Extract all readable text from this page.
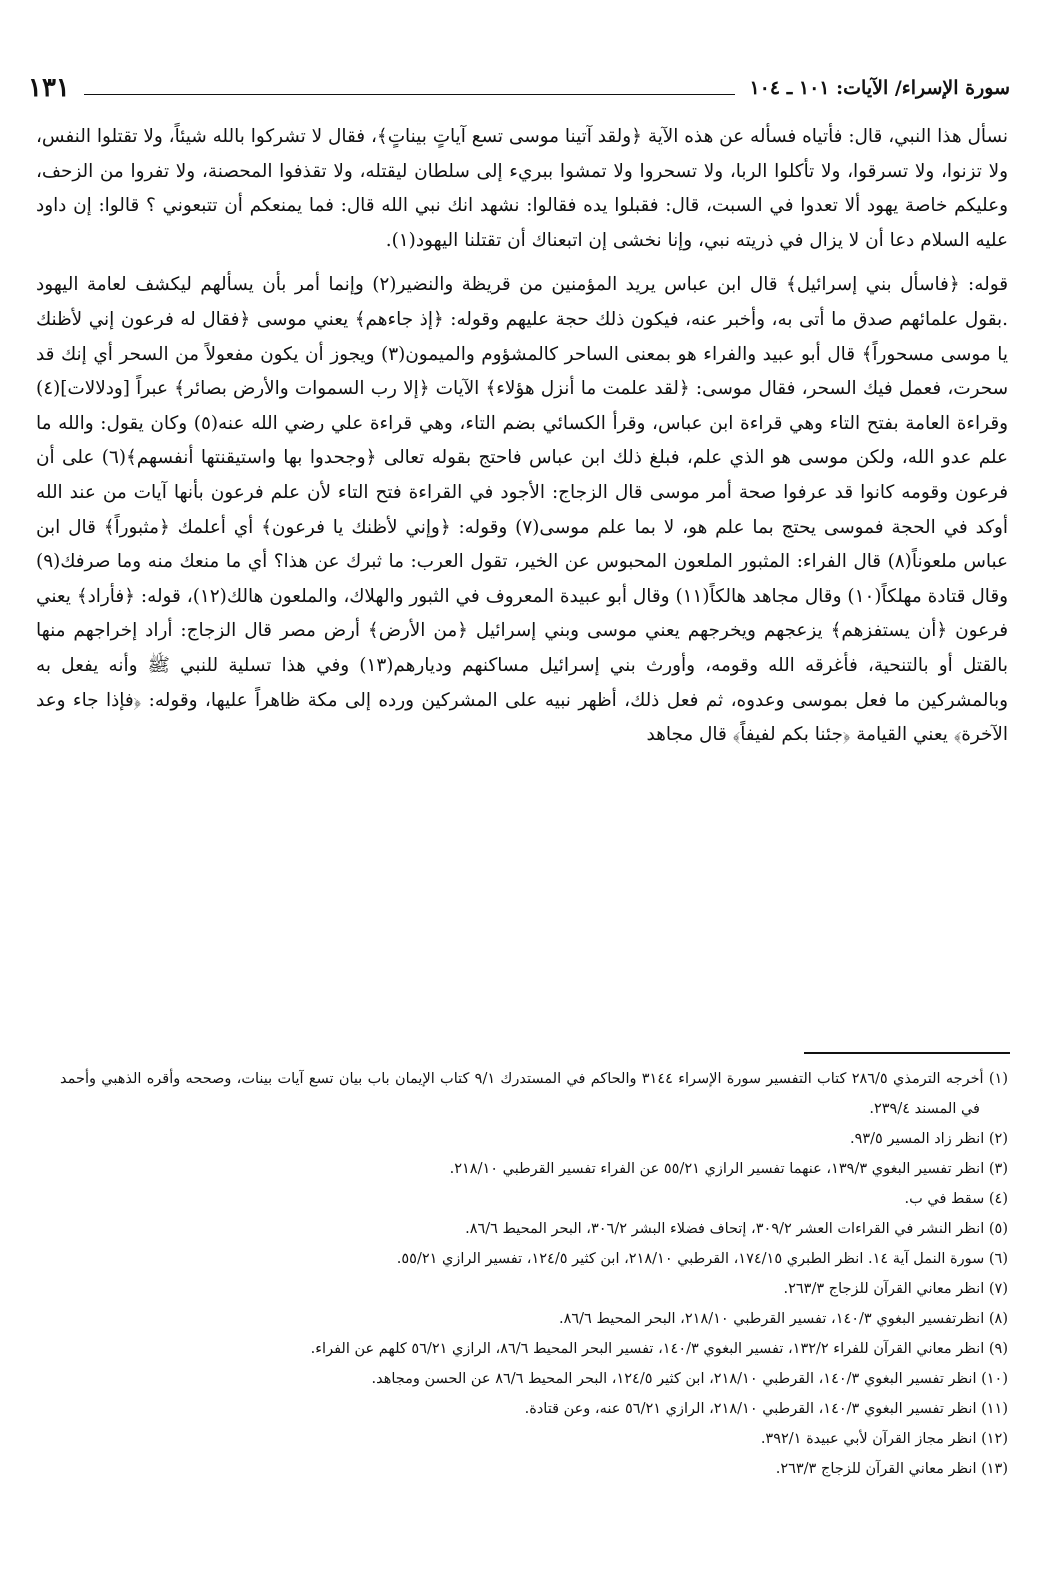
سورة الإسراء/ الآيات: ١٠١ ـ ١٠٤
١٣١

نسأل هذا النبي، قال: فأتياه فسأله عن هذه الآية ﴿ولقد آتينا موسى تسع آياتٍ بيناتٍ﴾، فقال لا تشركوا بالله شيئاً، ولا تقتلوا النفس، ولا تزنوا، ولا تسرقوا، ولا تأكلوا الربا، ولا تسحروا ولا تمشوا ببريء إلى سلطان ليقتله، ولا تقذفوا المحصنة، ولا تفروا من الزحف، وعليكم خاصة يهود ألا تعدوا في السبت، قال: فقبلوا يده فقالوا: نشهد انك نبي الله قال: فما يمنعكم أن تتبعوني ؟ قالوا: إن داود عليه السلام دعا أن لا يزال في ذريته نبي، وإنا نخشى إن اتبعناك أن تقتلنا اليهود(١).

قوله: ﴿فاسأل بني إسرائيل﴾ قال ابن عباس يريد المؤمنين من قريظة والنضير(٢) وإنما أمر بأن يسألهم ليكشف لعامة اليهود .بقول علمائهم صدق ما أتى به، وأخبر عنه، فيكون ذلك حجة عليهم وقوله: ﴿إذ جاءهم﴾ يعني موسى ﴿فقال له فرعون إني لأظنك يا موسى مسحوراً﴾ قال أبو عبيد والفراء هو بمعنى الساحر كالمشؤوم والميمون(٣) ويجوز أن يكون مفعولاً من السحر أي إنك قد سحرت، فعمل فيك السحر، فقال موسى: ﴿لقد علمت ما أنزل هؤلاء﴾ الآيات ﴿إلا رب السموات والأرض بصائر﴾ عبراً [ودلالات](٤) وقراءة العامة بفتح التاء وهي قراءة ابن عباس، وقرأ الكسائي بضم التاء، وهي قراءة علي رضي الله عنه(٥) وكان يقول: والله ما علم عدو الله، ولكن موسى هو الذي علم، فبلغ ذلك ابن عباس فاحتج بقوله تعالى ﴿وجحدوا بها واستيقنتها أنفسهم﴾(٦) على أن فرعون وقومه كانوا قد عرفوا صحة أمر موسى قال الزجاج: الأجود في القراءة فتح التاء لأن علم فرعون بأنها آيات من عند الله أوكد في الحجة فموسى يحتج بما علم هو، لا بما علم موسى(٧) وقوله: ﴿وإني لأظنك يا فرعون﴾ أي أعلمك ﴿مثبوراً﴾ قال ابن عباس ملعوناً(٨) قال الفراء: المثبور الملعون المحبوس عن الخير، تقول العرب: ما ثبرك عن هذا؟ أي ما منعك منه وما صرفك(٩) وقال قتادة مهلكاً(١٠) وقال مجاهد هالكاً(١١) وقال أبو عبيدة المعروف في الثبور والهلاك، والملعون هالك(١٢)، قوله: ﴿فأراد﴾ يعني فرعون ﴿أن يستفزهم﴾ يزعجهم ويخرجهم يعني موسى وبني إسرائيل ﴿من الأرض﴾ أرض مصر قال الزجاج: أراد إخراجهم منها بالقتل أو بالتنحية، فأغرقه الله وقومه، وأورث بني إسرائيل مساكنهم وديارهم(١٣) وفي هذا تسلية للنبي ﷺ وأنه يفعل به وبالمشركين ما فعل بموسى وعدوه، ثم فعل ذلك، أظهر نبيه على المشركين ورده إلى مكة ظاهراً عليها، وقوله: ﴿فإذا جاء وعد الآخرة﴾ يعني القيامة ﴿جئنا بكم لفيفاً﴾ قال مجاهد

(١) أخرجه الترمذي ٢٨٦/٥ كتاب التفسير سورة الإسراء ٣١٤٤ والحاكم في المستدرك ٩/١ كتاب الإيمان باب بيان تسع آيات بينات، وصححه وأقره الذهبي وأحمد في المسند ٢٣٩/٤.

(٢) انظر زاد المسير ٩٣/٥.

(٣) انظر تفسير البغوي ١٣٩/٣، عنهما تفسير الرازي ٥٥/٢١ عن الفراء تفسير القرطبي ٢١٨/١٠.

(٤) سقط في ب.

(٥) انظر النشر في القراءات العشر ٣٠٩/٢، إتحاف فضلاء البشر ٣٠٦/٢، البحر المحيط ٨٦/٦.

(٦) سورة النمل آية ١٤. انظر الطبري ١٧٤/١٥، القرطبي ٢١٨/١٠، ابن كثير ١٢٤/٥، تفسير الرازي ٥٥/٢١.

(٧) انظر معاني القرآن للزجاج ٢٦٣/٣.

(٨) انظرتفسير البغوي ١٤٠/٣، تفسير القرطبي ٢١٨/١٠، البحر المحيط ٨٦/٦.

(٩) انظر معاني القرآن للفراء ١٣٢/٢، تفسير البغوي ١٤٠/٣، تفسير البحر المحيط ٨٦/٦، الرازي ٥٦/٢١ كلهم عن الفراء.

(١٠) انظر تفسير البغوي ١٤٠/٣، القرطبي ٢١٨/١٠، ابن كثير ١٢٤/٥، البحر المحيط ٨٦/٦ عن الحسن ومجاهد.

(١١) انظر تفسير البغوي ١٤٠/٣، القرطبي ٢١٨/١٠، الرازي ٥٦/٢١ عنه، وعن قتادة.

(١٢) انظر مجاز القرآن لأبي عبيدة ٣٩٢/١.

(١٣) انظر معاني القرآن للزجاج ٢٦٣/٣.
